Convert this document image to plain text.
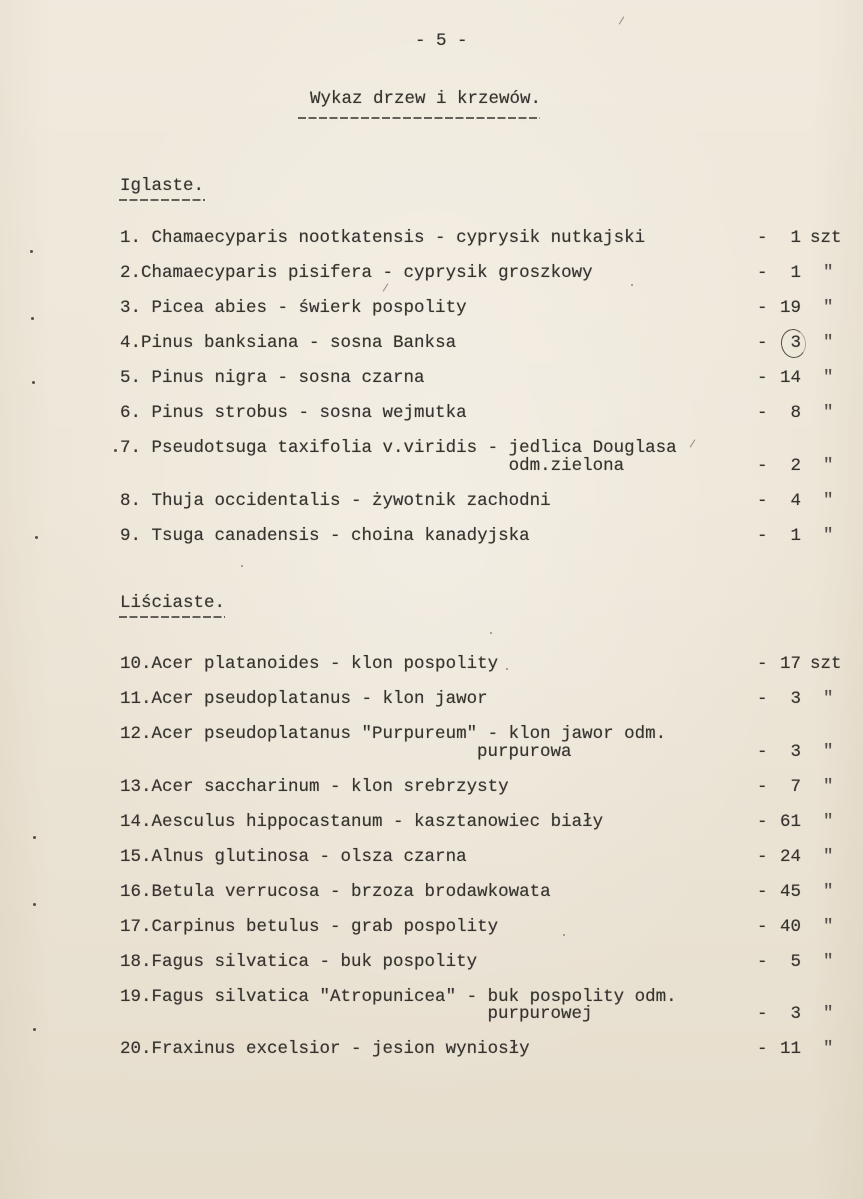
- 5 -
Wykaz drzew i krzewów.
Iglaste.
1. Chamaecyparis nootkatensis - cyprysik nutkajski	- 1 szt
2.Chamaecyparis pisifera - cyprysik groszkowy	- 1 "
3. Picea abies - świerk pospolity	- 19 "
4.Pinus banksiana - sosna Banksa	- 3 "
5. Pinus nigra - sosna czarna	- 14 "
6. Pinus strobus - sosna wejmutka	- 8 "
7. Pseudotsuga taxifolia v.viridis - jedlica Douglasa
odm.zielona	- 2 "
8. Thuja occidentalis - żywotnik zachodni	- 4 "
9. Tsuga canadensis - choina kanadyjska	- 1 "
Liściaste.
10.Acer platanoides - klon pospolity	- 17 szt
11.Acer pseudoplatanus - klon jawor	- 3 "
12.Acer pseudoplatanus "Purpureum" - klon jawor odm.
purpurowa	- 3 "
13.Acer saccharinum - klon srebrzysty	- 7 "
14.Aesculus hippocastanum - kasztanowiec biały	- 61 "
15.Alnus glutinosa - olsza czarna	- 24 "
16.Betula verrucosa - brzoza brodawkowata	- 45 "
17.Carpinus betulus - grab pospolity	- 40 "
18.Fagus silvatica - buk pospolity	- 5 "
19.Fagus silvatica "Atropunicea" - buk pospolity odm.
purpurowej	- 3 "
20.Fraxinus excelsior - jesion wyniosły	- 11 "
